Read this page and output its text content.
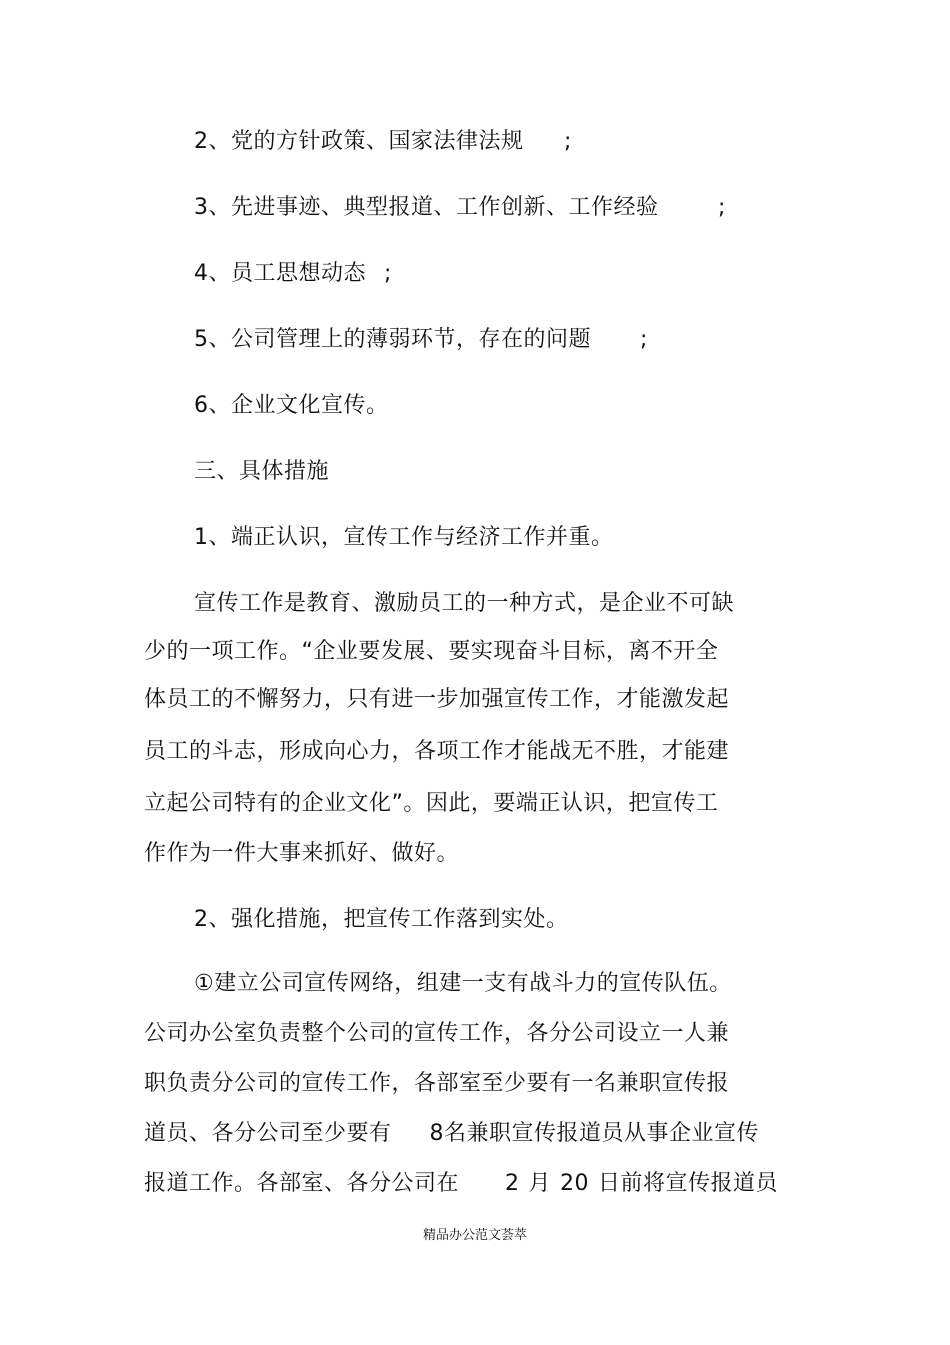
2、党的方针政策、国家法律法规 ;
3、先进事迹、典型报道、工作创新、工作经验	;
4、员工思想动态 ;
5、公司管理上的薄弱环节，存在的问题 ;
6、企业文化宣传。
三、具体措施
1、端正认识，宣传工作与经济工作并重。
宣传工作是教育、激励员工的一种方式，是企业不可缺
少的一项工作。“企业要发展、要实现奋斗目标，离不开全
体员工的不懈努力，只有进一步加强宣传工作，才能激发起
员工的斗志，形成向心力，各项工作才能战无不胜，才能建
立起公司特有的企业文化”。因此，要端正认识，把宣传工
作作为一件大事来抓好、做好。
2、强化措施，把宣传工作落到实处。
①建立公司宣传网络，组建一支有战斗力的宣传队伍。
公司办公室负责整个公司的宣传工作，各分公司设立一人兼
职负责分公司的宣传工作，各部室至少要有一名兼职宣传报
道员、各分公司至少要有 8名兼职宣传报道员从事企业宣传
报道工作。各部室、各分公司在 2 月 20 日前将宣传报道员
精品办公范文荟萃
